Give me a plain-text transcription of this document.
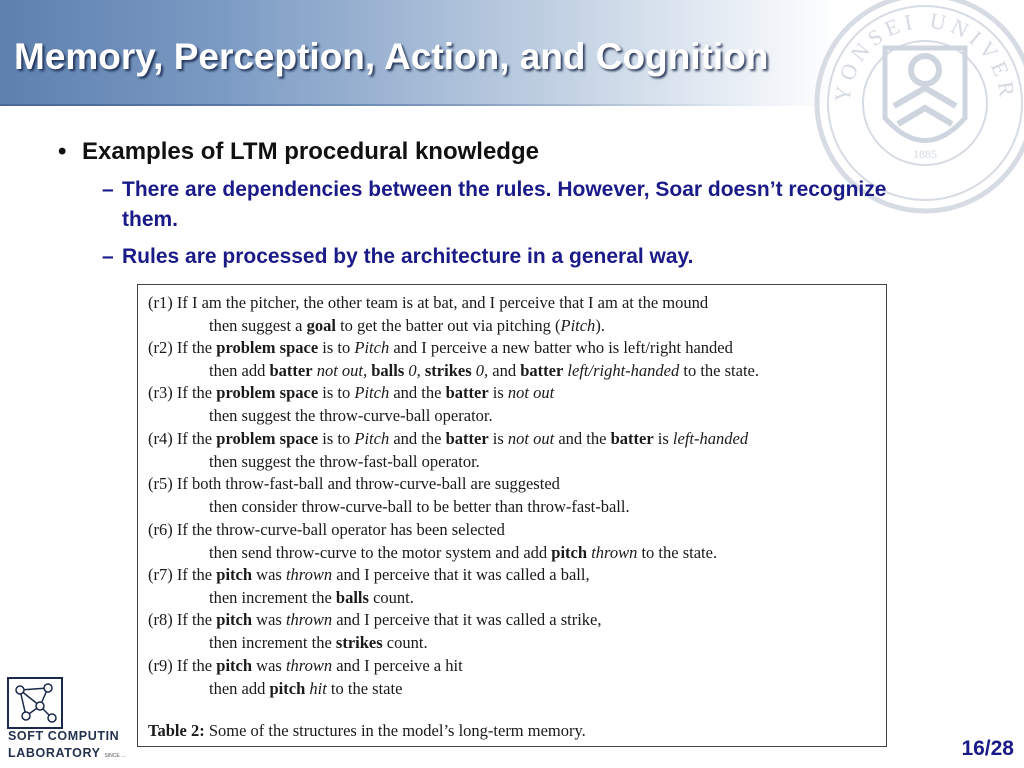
Memory, Perception, Action, and Cognition
YONSEI UNIVER
1885
• Examples of LTM procedural knowledge
– There are dependencies between the rules. However, Soar doesn’t recognize them.
– Rules are processed by the architecture in a general way.
Table 2: Some of the structures in the model’s long-term memory.
(r1) If I am the pitcher, the other team is at bat, and I perceive that I am at the mound
then suggest a goal to get the batter out via pitching (Pitch).
(r2) If the problem space is to Pitch and I perceive a new batter who is left/right handed
then add batter not out, balls 0, strikes 0, and batter left/right-handed to the state.
(r3) If the problem space is to Pitch and the batter is not out
then suggest the throw-curve-ball operator.
(r4) If the problem space is to Pitch and the batter is not out and the batter is left-handed
then suggest the throw-fast-ball operator.
(r5) If both throw-fast-ball and throw-curve-ball are suggested
then consider throw-curve-ball to be better than throw-fast-ball.
(r6) If the throw-curve-ball operator has been selected
then send throw-curve to the motor system and add pitch thrown to the state.
(r7) If the pitch was thrown and I perceive that it was called a ball,
then increment the balls count.
(r8) If the pitch was thrown and I perceive that it was called a strike,
then increment the strikes count.
(r9) If the pitch was thrown and I perceive a hit
then add pitch hit to the state
SOFT COMPUTIN
LABORATORY SINCE ...	16/28
